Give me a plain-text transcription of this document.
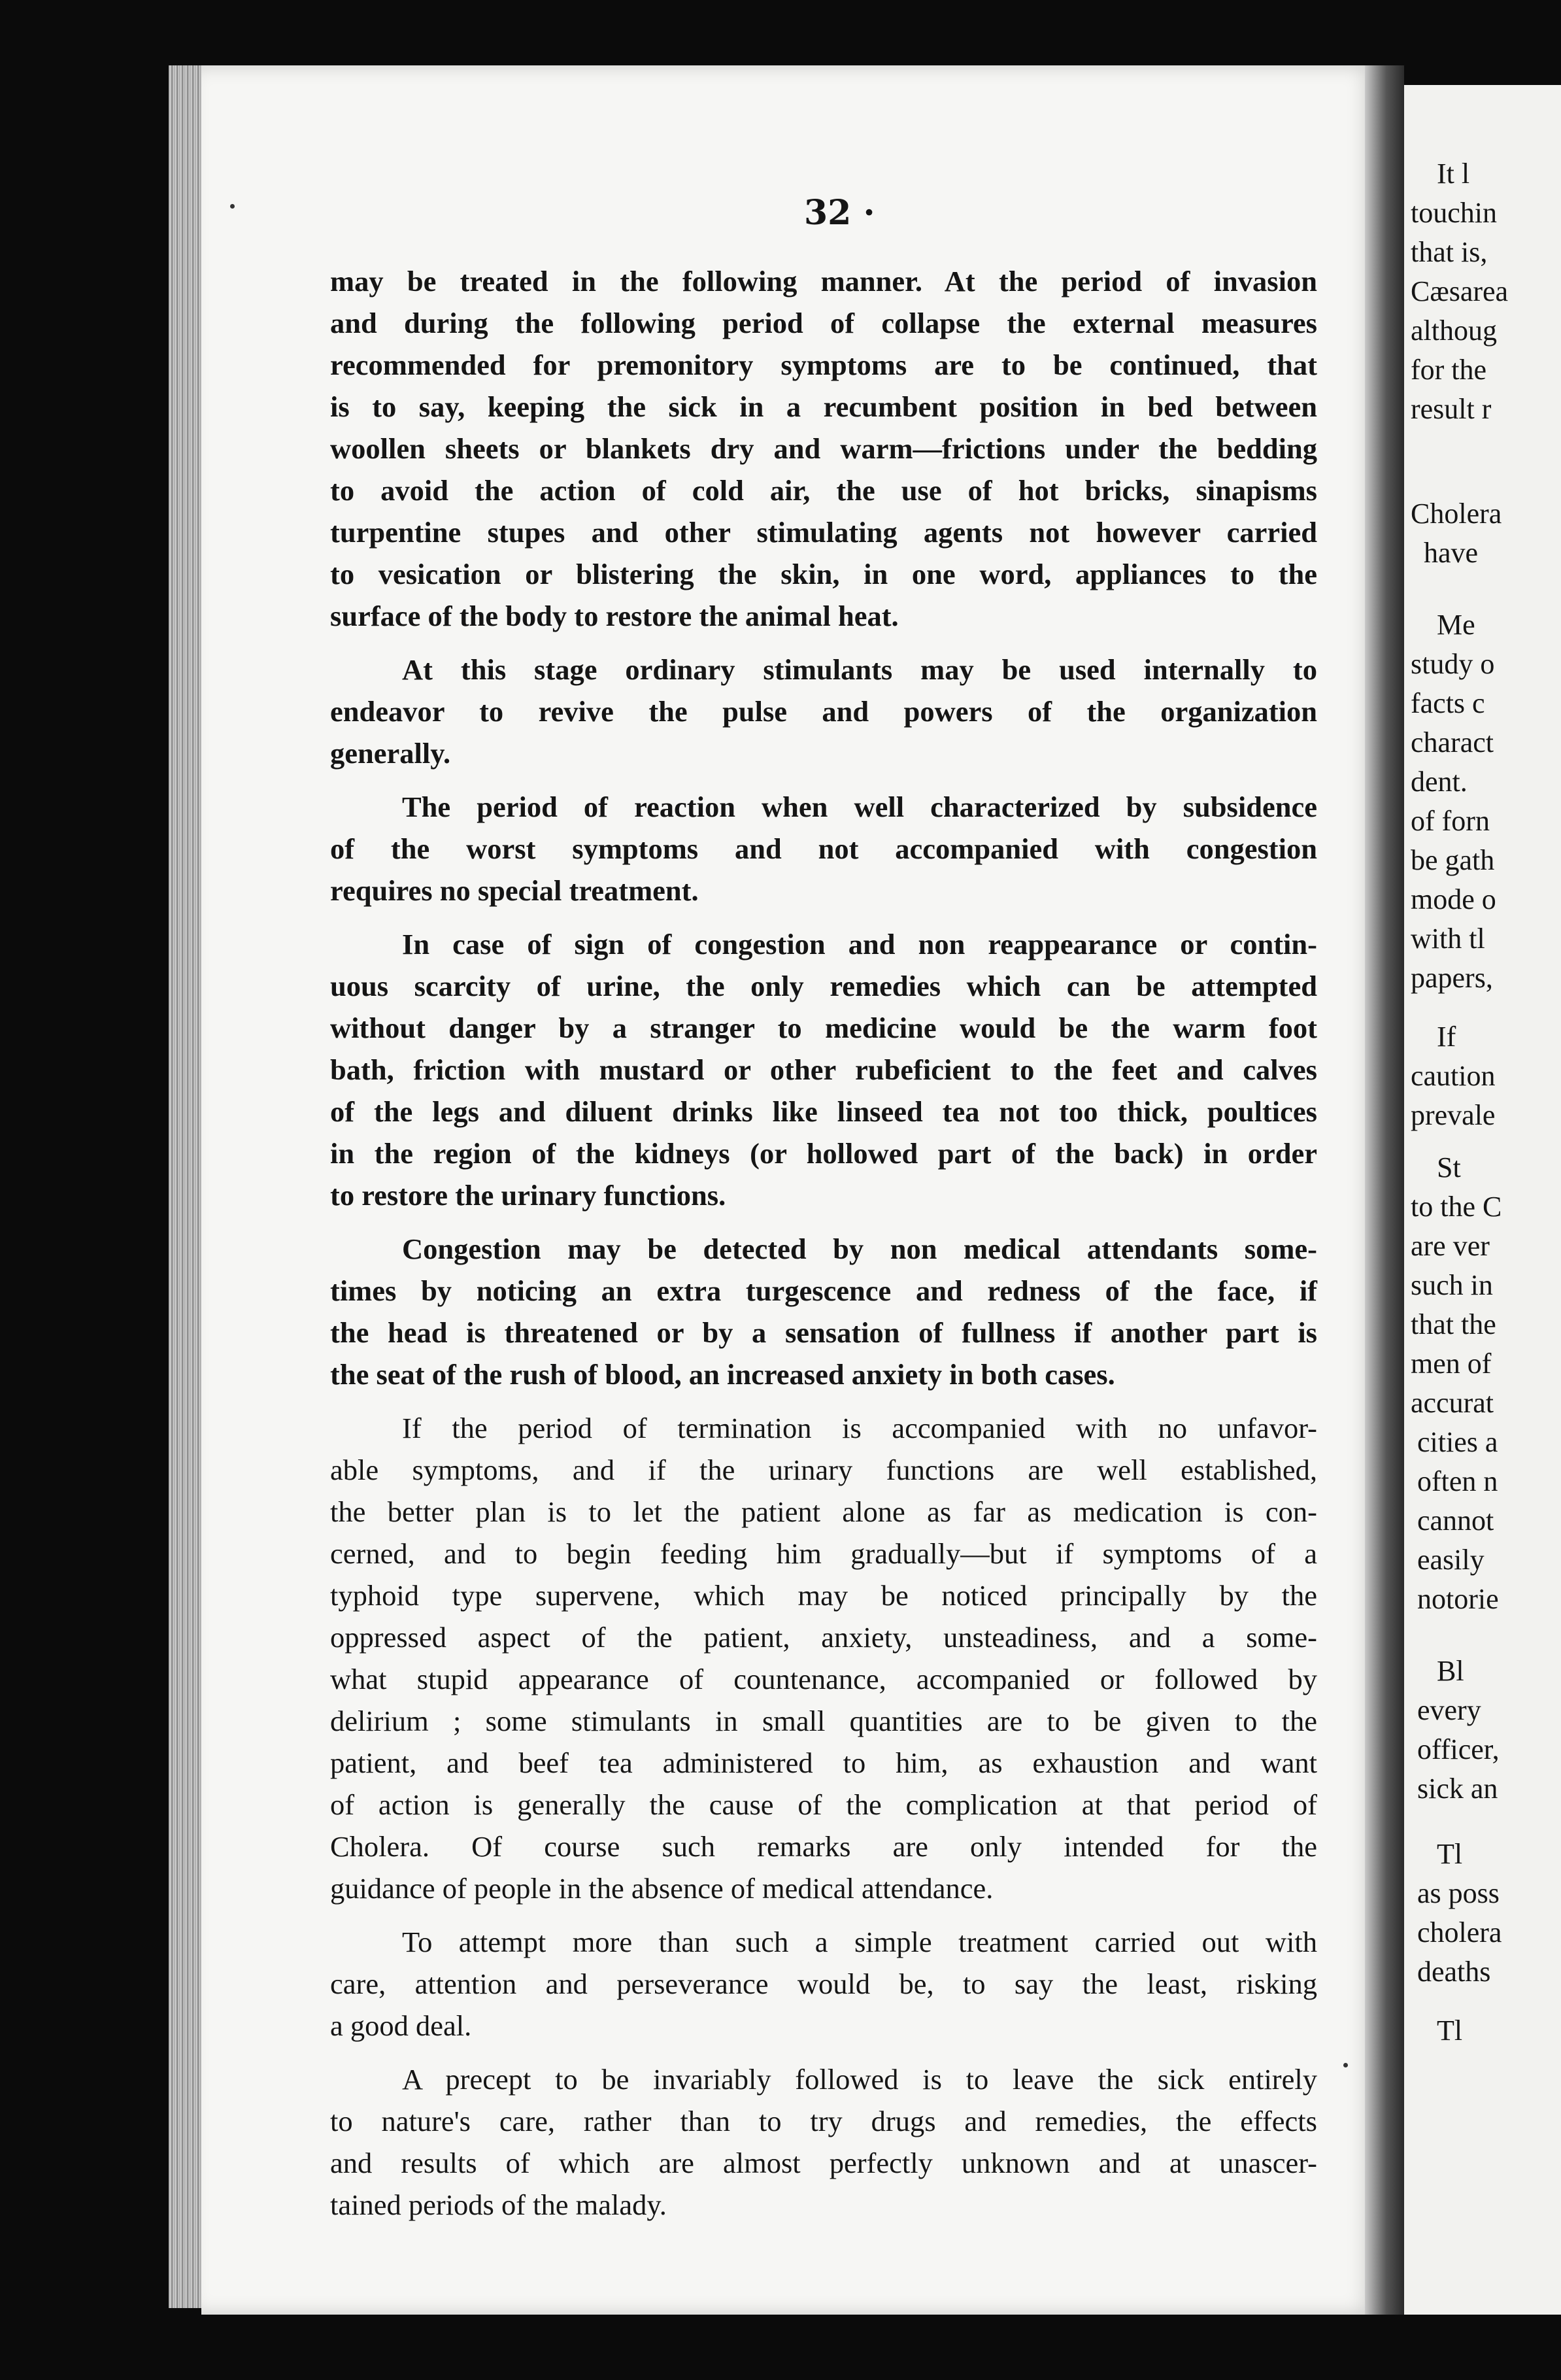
It l
touchin
that is,
Cæsarea
althoug
for the
result r
Cholera
have
Me
study o
facts c
charact
dent.
of forn
be gath
mode o
with tl
papers,
If
caution
prevale
St
to the C
are ver
such in
that the
men of
accurat
cities a
often n
cannot
easily
notorie
Bl
every
officer,
sick an
Tl
as poss
cholera
deaths
Tl
32 ·

may be treated in the following manner. At the period of invasion
and during the following period of collapse the external measures
recommended for premonitory symptoms are to be continued, that
is to say, keeping the sick in a recumbent position in bed between
woollen sheets or blankets dry and warm—frictions under the bedding
to avoid the action of cold air, the use of hot bricks, sinapisms
turpentine stupes and other stimulating agents not however carried
to vesication or blistering the skin, in one word, appliances to the
surface of the body to restore the animal heat.

At this stage ordinary stimulants may be used internally to
endeavor to revive the pulse and powers of the organization
generally.

The period of reaction when well characterized by subsidence
of the worst symptoms and not accompanied with congestion
requires no special treatment.

In case of sign of congestion and non reappearance or contin-
uous scarcity of urine, the only remedies which can be attempted
without danger by a stranger to medicine would be the warm foot
bath, friction with mustard or other rubeficient to the feet and calves
of the legs and diluent drinks like linseed tea not too thick, poultices
in the region of the kidneys (or hollowed part of the back) in order
to restore the urinary functions.

Congestion may be detected by non medical attendants some-
times by noticing an extra turgescence and redness of the face, if
the head is threatened or by a sensation of fullness if another part is
the seat of the rush of blood, an increased anxiety in both cases.

If the period of termination is accompanied with no unfavor-
able symptoms, and if the urinary functions are well established,
the better plan is to let the patient alone as far as medication is con-
cerned, and to begin feeding him gradually—but if symptoms of a
typhoid type supervene, which may be noticed principally by the
oppressed aspect of the patient, anxiety, unsteadiness, and a some-
what stupid appearance of countenance, accompanied or followed by
delirium ; some stimulants in small quantities are to be given to the
patient, and beef tea administered to him, as exhaustion and want
of action is generally the cause of the complication at that period of
Cholera. Of course such remarks are only intended for the
guidance of people in the absence of medical attendance.

To attempt more than such a simple treatment carried out with
care, attention and perseverance would be, to say the least, risking
a good deal.

A precept to be invariably followed is to leave the sick entirely
to nature's care, rather than to try drugs and remedies, the effects
and results of which are almost perfectly unknown and at unascer-
tained periods of the malady.
